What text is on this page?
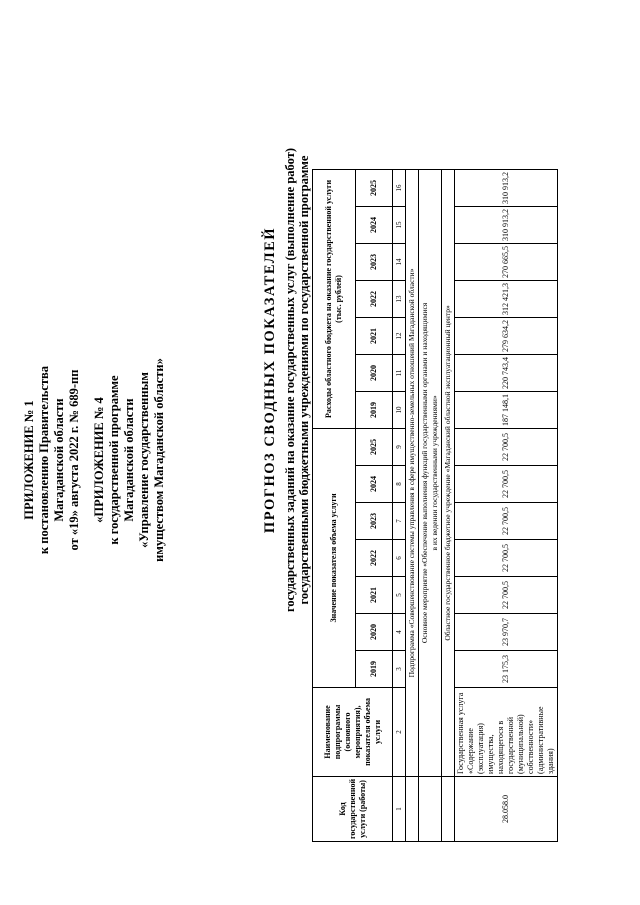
ПРИЛОЖЕНИЕ № 1 к постановлению Правительства Магаданской области от «19» августа 2022 г. № 689-пп «ПРИЛОЖЕНИЕ № 4 к государственной программе Магаданской области «Управление государственным имуществом Магаданской области»	ПРОГНОЗ СВОДНЫХ ПОКАЗАТЕЛЕЙ государственных заданий на оказание государственных услуг (выполнение работ) государственными бюджетными учреждениями по государственной программе
Код государственной услуги (работы)	Наименование подпрограммы (основного мероприятия), показателя объема услуги	Значение показателя объема услуги							Расходы областного бюджета на оказание государственной услуги (тыс. рублей)						
		2019	2020	2021	2022	2023	2024	2025	2019	2020	2021	2022	2023	2024	2025
1	2	3	4	5	6	7	8	9	10	11	12	13	14	15	16
	Подпрограмма «Совершенствование системы управления в сфере имущественно-земельных отношений Магаданской области»														

	Основное мероприятие «Обеспечение выполнения функций государственными органами и находящимися в их ведении государственными учреждениями»														

	Областное государственное бюджетное учреждение «Магаданский областной эксплуатационный центр»														
28.058.0	Государственная услуга «Содержание (эксплуатация) имущества, находящегося в государственной (муниципальной) собственности» (административные здания)	23 175,3	23 970,7	22 700,5	22 700,5	22 700,5	22 700,5	22 700,5	187 148,1	220 743,4	279 634,2	312 421,3	270 665,5	310 913,2	310 913,2
